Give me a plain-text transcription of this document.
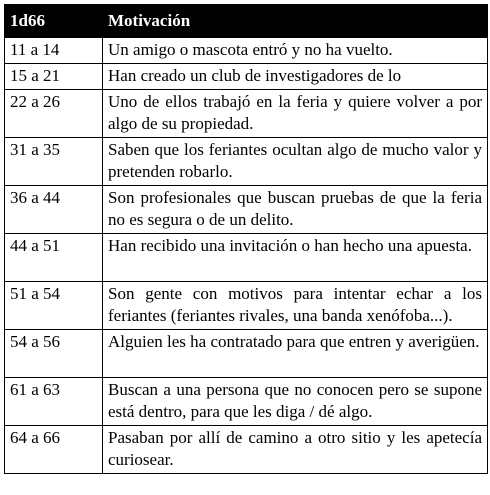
1d66	Motivación
11 a 14	Un amigo o mascota entró y no ha vuelto.
15 a 21	Han creado un club de investigadores de lo
22 a 26	Uno de ellos trabajó en la feria y quiere volver a por algo de su propiedad.
31 a 35	Saben que los feriantes ocultan algo de mucho valor y pretenden robarlo.
36 a 44	Son profesionales que buscan pruebas de que la feria no es segura o de un delito.
44 a 51	Han recibido una invitación o han hecho una apuesta.
51 a 54	Son gente con motivos para intentar echar a los feriantes (feriantes rivales, una banda xenófoba...).
54 a 56	Alguien les ha contratado para que entren y averigüen.
61 a 63	Buscan a una persona que no conocen pero se supone está dentro, para que les diga / dé algo.
64 a 66	Pasaban por allí de camino a otro sitio y les apetecía curiosear.
